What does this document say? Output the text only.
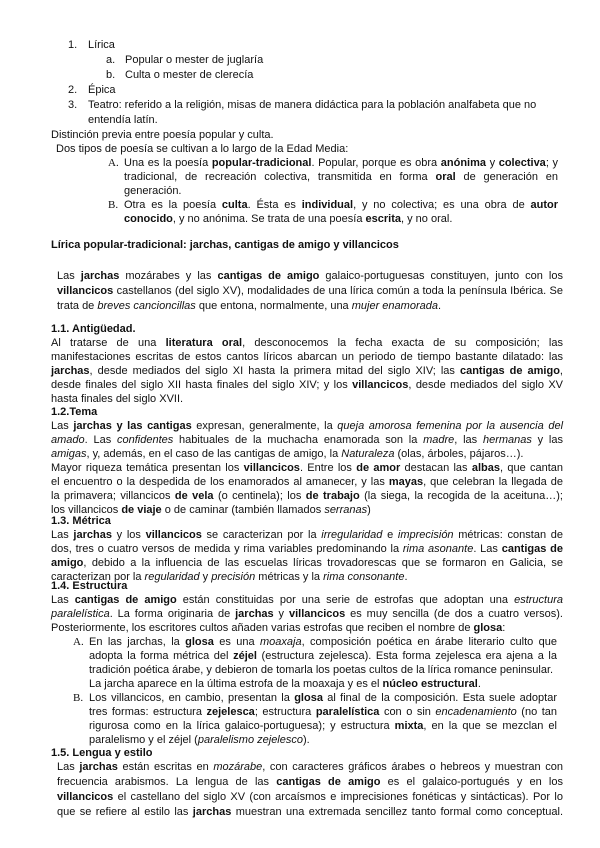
1. Lírica
a. Popular o mester de juglaría
b. Culta o mester de clerecía
2. Épica
3. Teatro: referido a la religión, misas de manera didáctica para la población analfabeta que no
entendía latín.
Distinción previa entre poesía popular y culta.
Dos tipos de poesía se cultivan a lo largo de la Edad Media:
A. Una es la poesía popular-tradicional. Popular, porque es obra anónima y colectiva; y
tradicional, de recreación colectiva, transmitida en forma oral de generación en
generación.
B. Otra es la poesía culta. Ésta es individual, y no colectiva; es una obra de autor
conocido, y no anónima. Se trata de una poesía escrita, y no oral.
Lírica popular-tradicional: jarchas, cantigas de amigo y villancicos
Las jarchas mozárabes y las cantigas de amigo galaico-portuguesas constituyen, junto con los
villancicos castellanos (del siglo XV), modalidades de una lírica común a toda la península Ibérica. Se
trata de breves cancioncillas que entona, normalmente, una mujer enamorada.
1.1. Antigüedad.
Al tratarse de una literatura oral, desconocemos la fecha exacta de su composición; las
manifestaciones escritas de estos cantos líricos abarcan un periodo de tiempo bastante dilatado: las
jarchas, desde mediados del siglo XI hasta la primera mitad del siglo XIV; las cantigas de amigo,
desde finales del siglo XII hasta finales del siglo XIV; y los villancicos, desde mediados del siglo XV
hasta finales del siglo XVII.
1.2.Tema
Las jarchas y las cantigas expresan, generalmente, la queja amorosa femenina por la ausencia del
amado. Las confidentes habituales de la muchacha enamorada son la madre, las hermanas y las
amigas, y, además, en el caso de las cantigas de amigo, la Naturaleza (olas, árboles, pájaros…).
Mayor riqueza temática presentan los villancicos. Entre los de amor destacan las albas, que cantan
el encuentro o la despedida de los enamorados al amanecer, y las mayas, que celebran la llegada de
la primavera; villancicos de vela (o centinela); los de trabajo (la siega, la recogida de la aceituna…);
los villancicos de viaje o de caminar (también llamados serranas)
1.3. Métrica
Las jarchas y los villancicos se caracterizan por la irregularidad e imprecisión métricas: constan de
dos, tres o cuatro versos de medida y rima variables predominando la rima asonante. Las cantigas de
amigo, debido a la influencia de las escuelas líricas trovadorescas que se formaron en Galicia, se
caracterizan por la regularidad y precisión métricas y la rima consonante.
1.4. Estructura
Las cantigas de amigo están constituidas por una serie de estrofas que adoptan una estructura
paralelística. La forma originaria de jarchas y villancicos es muy sencilla (de dos a cuatro versos).
Posteriormente, los escritores cultos añaden varias estrofas que reciben el nombre de glosa:
A. En las jarchas, la glosa es una moaxaja, composición poética en árabe literario culto que
adopta la forma métrica del zéjel (estructura zejelesca). Esta forma zejelesca era ajena a la
tradición poética árabe, y debieron de tomarla los poetas cultos de la lírica romance peninsular.
La jarcha aparece en la última estrofa de la moaxaja y es el núcleo estructural.
B. Los villancicos, en cambio, presentan la glosa al final de la composición. Esta suele adoptar
tres formas: estructura zejelesca; estructura paralelística con o sin encadenamiento (no tan
rigurosa como en la lírica galaico-portuguesa); y estructura mixta, en la que se mezclan el
paralelismo y el zéjel (paralelismo zejelesco).
1.5. Lengua y estilo
Las jarchas están escritas en mozárabe, con caracteres gráficos árabes o hebreos y muestran con
frecuencia arabismos. La lengua de las cantigas de amigo es el galaico-portugués y en los
villancicos el castellano del siglo XV (con arcaísmos e imprecisiones fonéticas y sintácticas). Por lo
que se refiere al estilo las jarchas muestran una extremada sencillez tanto formal como conceptual.
